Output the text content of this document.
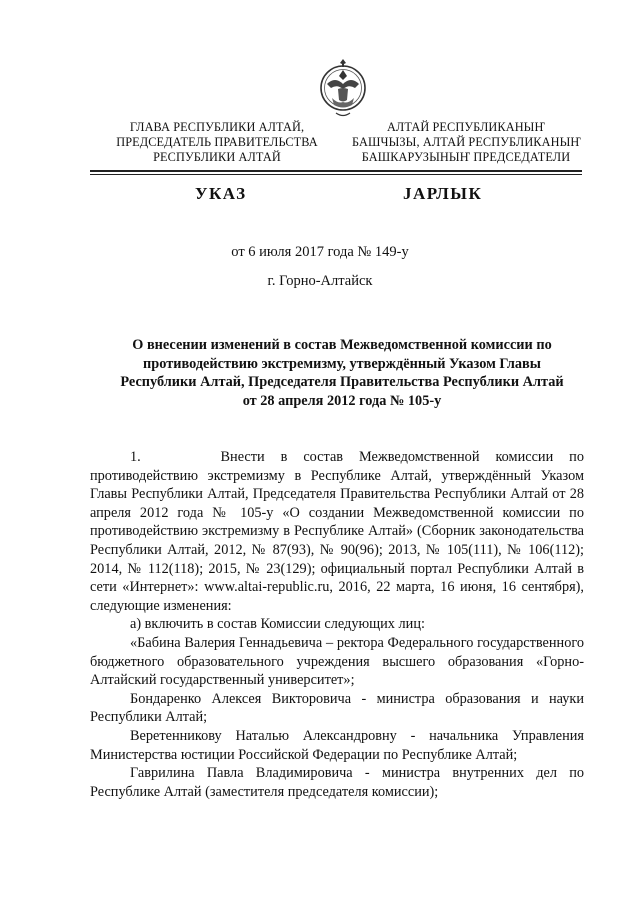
ГЛАВА РЕСПУБЛИКИ АЛТАЙ,
ПРЕДСЕДАТЕЛЬ ПРАВИТЕЛЬСТВА
РЕСПУБЛИКИ АЛТАЙ
АЛТАЙ РЕСПУБЛИКАНЫҤ
БАШЧЫЗЫ, АЛТАЙ РЕСПУБЛИКАНЫҤ
БАШКАРУЗЫНЫҤ ПРЕДСЕДАТЕЛИ
УКАЗ	ЈАРЛЫК
от 6 июля 2017 года № 149-у
г. Горно-Алтайск
О внесении изменений в состав Межведомственной комиссии по
противодействию экстремизму, утверждённый Указом Главы
Республики Алтай, Председателя Правительства Республики Алтай
от 28 апреля 2012 года № 105-у

1.     Внести в состав Межведомственной комиссии по

противодействию экстремизму в Республике Алтай, утверждённый Указом Главы Республики Алтай, Председателя Правительства Республики Алтай от 28 апреля 2012 года № 105-у «О создании Межведомственной комиссии по противодействию экстремизму в Республике Алтай» (Сборник законодательства Республики Алтай, 2012, № 87(93), № 90(96); 2013, № 105(111), № 106(112); 2014, № 112(118); 2015, № 23(129); официальный портал Республики Алтай в сети «Интернет»: www.altai-republic.ru, 2016, 22 марта, 16 июня, 16 сентября), следующие изменения:

а) включить в состав Комиссии следующих лиц:

«Бабина Валерия Геннадьевича – ректора Федерального государственного бюджетного образовательного учреждения высшего образования «Горно-Алтайский государственный университет»;

Бондаренко Алексея Викторовича - министра образования и науки Республики Алтай;

Веретенникову Наталью Александровну - начальника Управления Министерства юстиции Российской Федерации по Республике Алтай;

Гаврилина Павла Владимировича - министра внутренних дел по Республике Алтай (заместителя председателя комиссии);
